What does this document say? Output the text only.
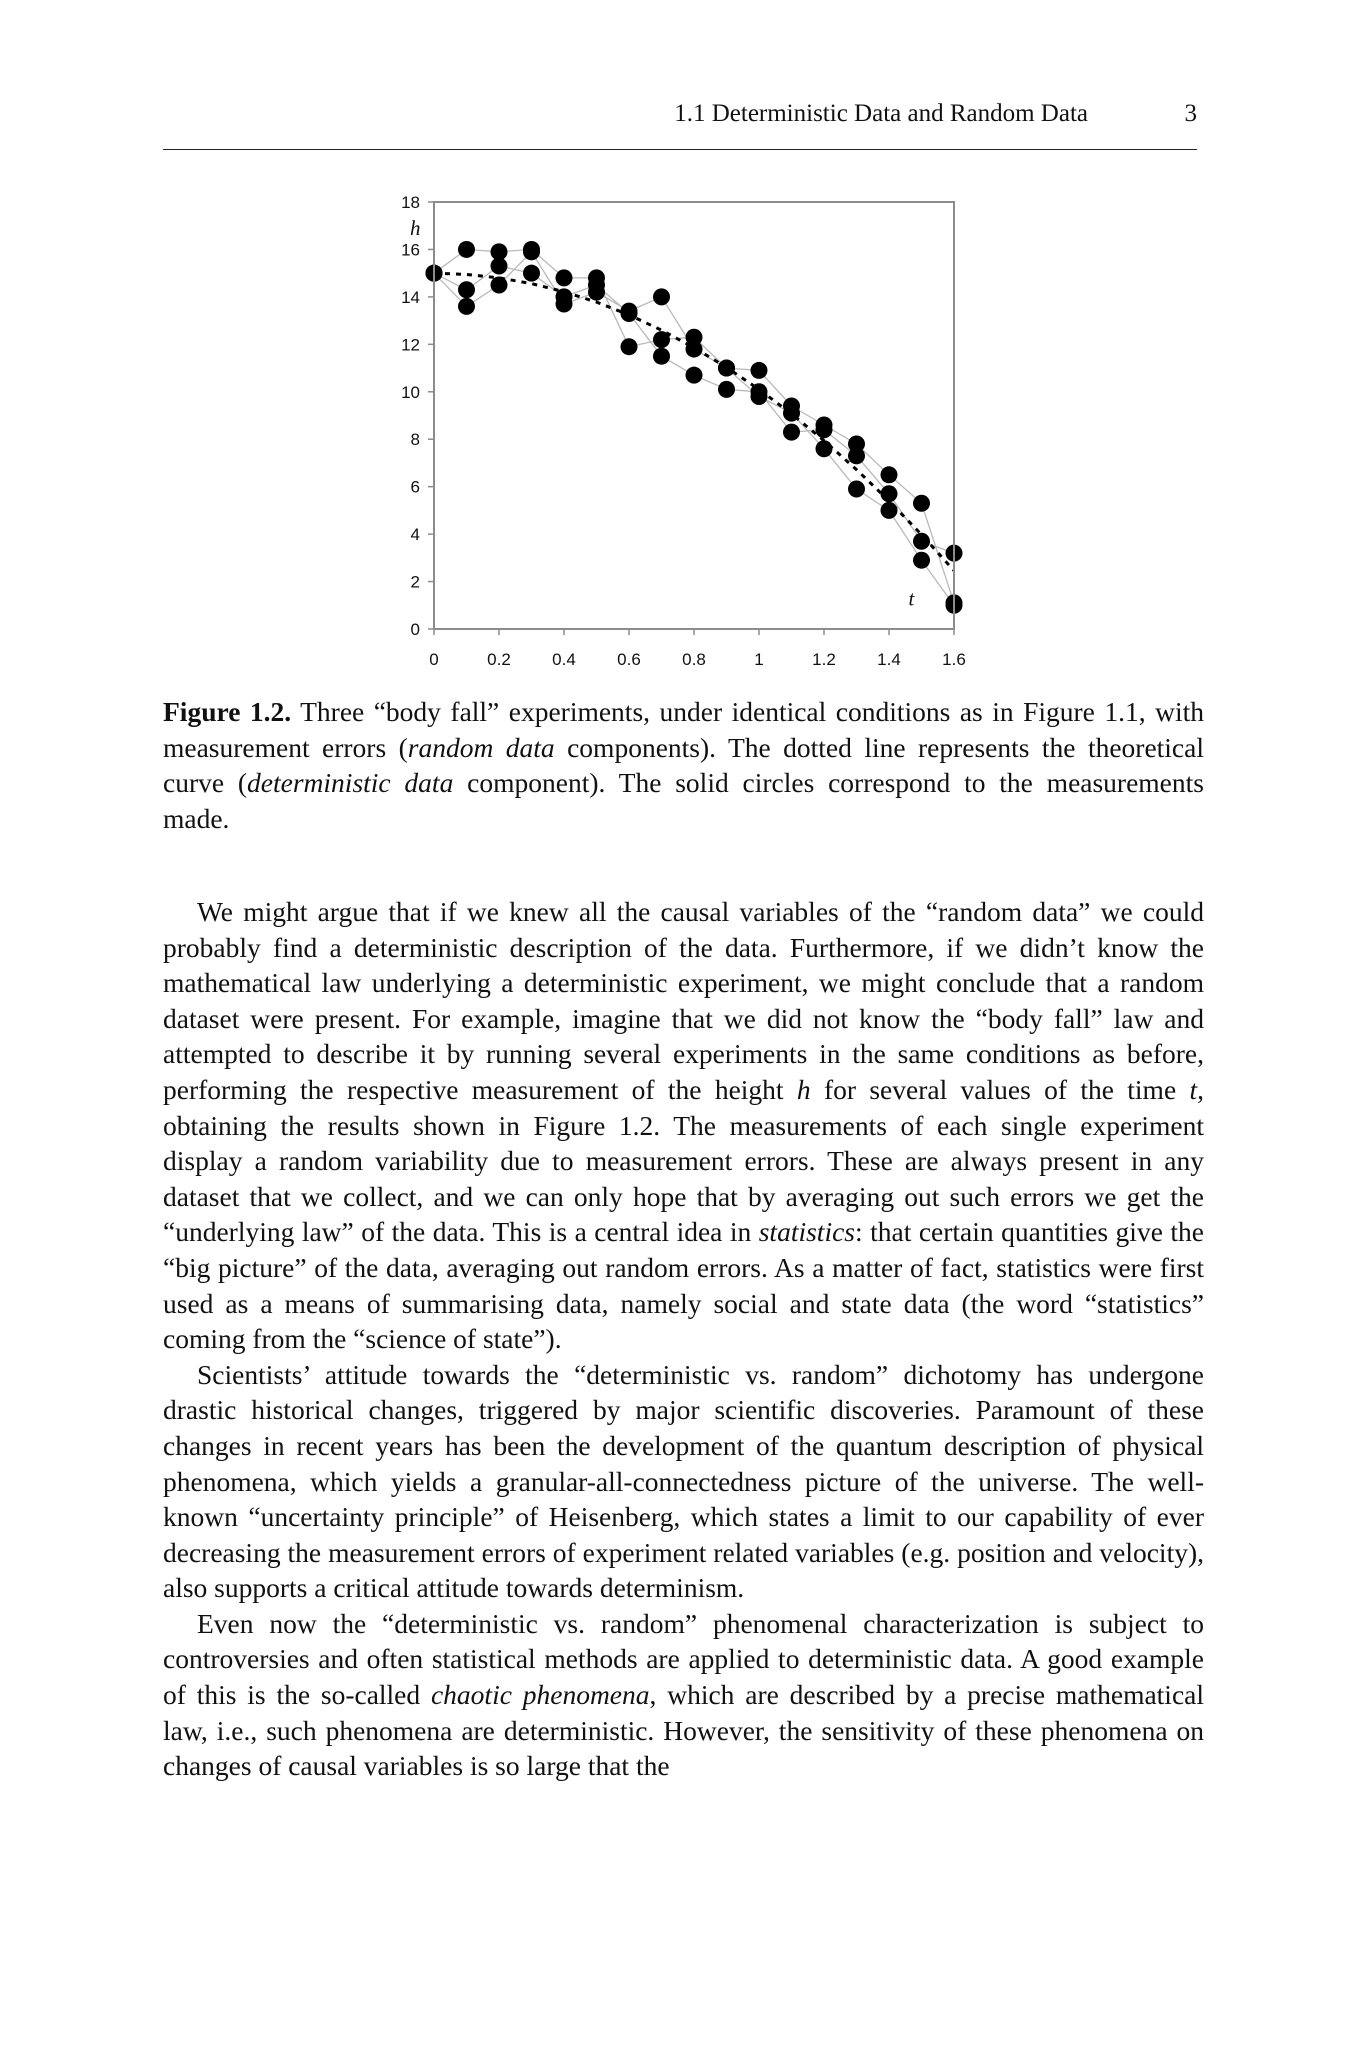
1.1 Deterministic Data and Random Data	3
0	0.2 0.4 0.6 0.8	1	1.2 1.4 1.6
0
2
4
6
8
10
12
14
16
18
t
h
Figure 1.2. Three “body fall” experiments, under identical conditions as in Figure 1.1, with measurement errors (random data components). The dotted line represents the theoretical curve (deterministic data component). The solid circles correspond to the measurements made.

We might argue that if we knew all the causal variables of the “random data” we could probably find a deterministic description of the data. Furthermore, if we didn’t know the mathematical law underlying a deterministic experiment, we might conclude that a random dataset were present. For example, imagine that we did not know the “body fall” law and attempted to describe it by running several experiments in the same conditions as before, performing the respective measurement of the height h for several values of the time t, obtaining the results shown in Figure 1.2. The measurements of each single experiment display a random variability due to measurement errors. These are always present in any dataset that we collect, and we can only hope that by averaging out such errors we get the “underlying law” of the data. This is a central idea in statistics: that certain quantities give the “big picture” of the data, averaging out random errors. As a matter of fact, statistics were first used as a means of summarising data, namely social and state data (the word “statistics” coming from the “science of state”).

Scientists’ attitude towards the “deterministic vs. random” dichotomy has undergone drastic historical changes, triggered by major scientific discoveries. Paramount of these changes in recent years has been the development of the quantum description of physical phenomena, which yields a granular-all-connectedness picture of the universe. The well-known “uncertainty principle” of Heisenberg, which states a limit to our capability of ever decreasing the measurement errors of experiment related variables (e.g. position and velocity), also supports a critical attitude towards determinism.

Even now the “deterministic vs. random” phenomenal characterization is subject to controversies and often statistical methods are applied to deterministic data. A good example of this is the so-called chaotic phenomena, which are described by a precise mathematical law, i.e., such phenomena are deterministic. However, the sensitivity of these phenomena on changes of causal variables is so large that the
